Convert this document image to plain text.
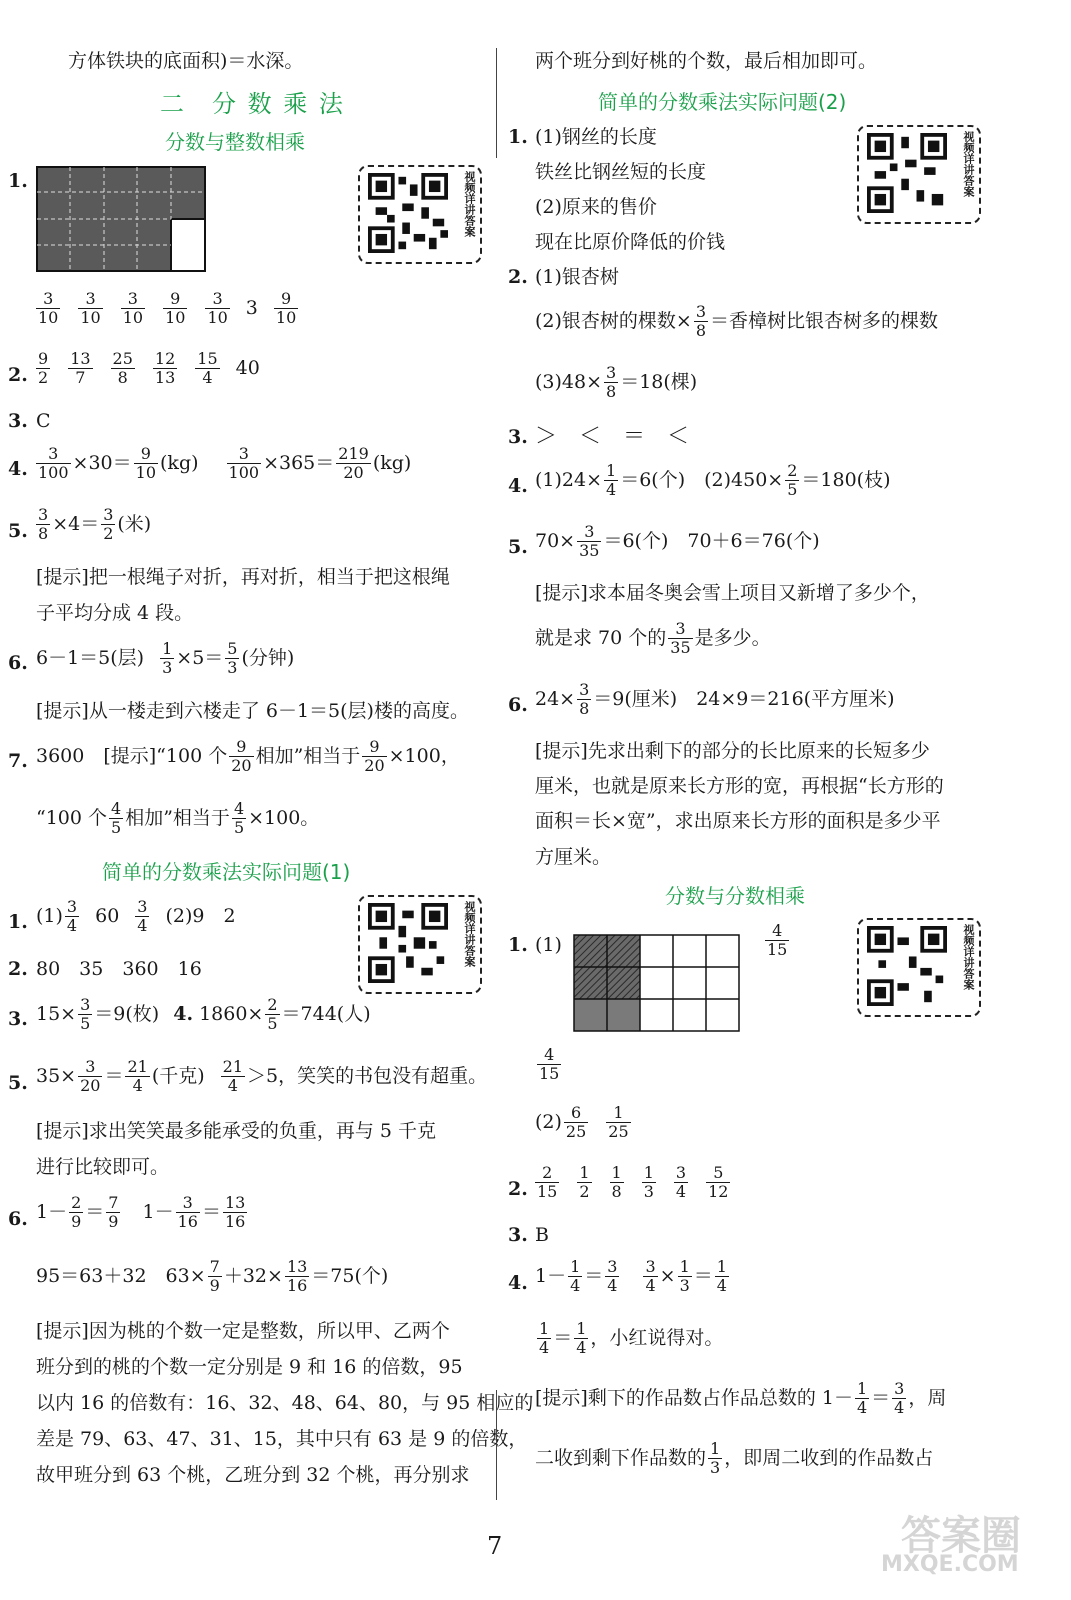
方体铁块的底面积)＝水深。
二　分 数 乘 法
分数与整数相乘
1.	视频详讲答案
$\frac{3}{10} \frac{3}{10} \frac{3}{10} \frac{9}{10} \frac{3}{10} 3 \frac{9}{10}$
2. $\frac{9}{2} \frac{13}{7} \frac{25}{8} \frac{12}{13} \frac{15}{4} 40$
3. C
4. $\frac{3}{100} \times 30= \frac{9}{10} (kg) \frac{3}{100} \times 365= \frac{219}{20} (kg)$
5. $\frac{3}{8} \times 4= \frac{3}{2}$ (米)
[提示]把一根绳子对折，再对折，相当于把这根绳
子平均分成 4 段。
6. 6－1＝5(层) $\frac{1}{3} \times 5= \frac{5}{3}$ (分钟)
[提示]从一楼走到六楼走了 6－1＝5(层)楼的高度。
7. 3600　[提示]“100 个 $\frac{9}{20}$ 相加”相当于 $\frac{9}{20} \times 100$，
“100 个 $\frac{4}{5}$ 相加”相当于 $\frac{4}{5} \times 100$。
简单的分数乘法实际问题(1)
视频详讲答案
1. $(1) \frac{3}{4} 60 \frac{3}{4} (2)9$　2
2. 80　35　360　16
3. $15\times \frac{3}{5} =9$(枚) 4. $1860\times \frac{2}{5} =744$(人)
5. $35\times \frac{3}{20} = \frac{21}{4}$ (千克) $\frac{21}{4} >5$，笑笑的书包没有超重。
[提示]求出笑笑最多能承受的负重，再与 5 千克
进行比较即可。
6. $1- \frac{2}{9} = \frac{7}{9} 1- \frac{3}{16} = \frac{13}{16}$
95＝63＋32　$63\times \frac{7}{9} +32\times \frac{13}{16} =75$(个)
[提示]因为桃的个数一定是整数，所以甲、乙两个
班分到的桃的个数一定分别是 9 和 16 的倍数，95
以内 16 的倍数有：16、32、48、64、80，与 95 相应的
差是 79、63、47、31、15，其中只有 63 是 9 的倍数，
故甲班分到 63 个桃，乙班分到 32 个桃，再分别求
两个班分到好桃的个数，最后相加即可。
简单的分数乘法实际问题(2)
视频详讲答案
1. (1)钢丝的长度
铁丝比钢丝短的长度
(2)原来的售价
现在比原价降低的价钱
2. (1)银杏树
(2)银杏树的棵数× $\frac{3}{8}$ ＝香樟树比银杏树多的棵数
$(3)48\times \frac{3}{8} =18$(棵)
3. ＞　＜　＝　＜
4. $(1)24\times \frac{1}{4} =6$(个)　$(2)450\times \frac{2}{5} =180$(枝)
5. $70\times \frac{3}{35} =6$(个)　70＋6＝76(个)
[提示]求本届冬奥会雪上项目又新增了多少个，
就是求 70 个的 $\frac{3}{35}$ 是多少。
6. $24\times \frac{3}{8} =9$(厘米)　24×9＝216(平方厘米)
[提示]先求出剩下的部分的长比原来的长短多少
厘米，也就是原来长方形的宽，再根据“长方形的
面积＝长×宽”，求出原来长方形的面积是多少平
方厘米。
分数与分数相乘
视频详讲答案
1. (1)	$\frac{4}{15}$
$\frac{4}{15}$
$(2) \frac{6}{25} \frac{1}{25}$
2. $\frac{2}{15} \frac{1}{2} \frac{1}{8} \frac{1}{3} \frac{3}{4} \frac{5}{12}$
3. B
4. $1- \frac{1}{4} = \frac{3}{4} \frac{3}{4} \times \frac{1}{3} = \frac{1}{4}$
$\frac{1}{4} = \frac{1}{4}$ ，小红说得对。
[提示]剩下的作品数占作品总数的 $1- \frac{1}{4} = \frac{3}{4}$ ，周
二收到剩下作品数的 $\frac{1}{3}$ ，即周二收到的作品数占
7	答案圈
MXQE.COM
